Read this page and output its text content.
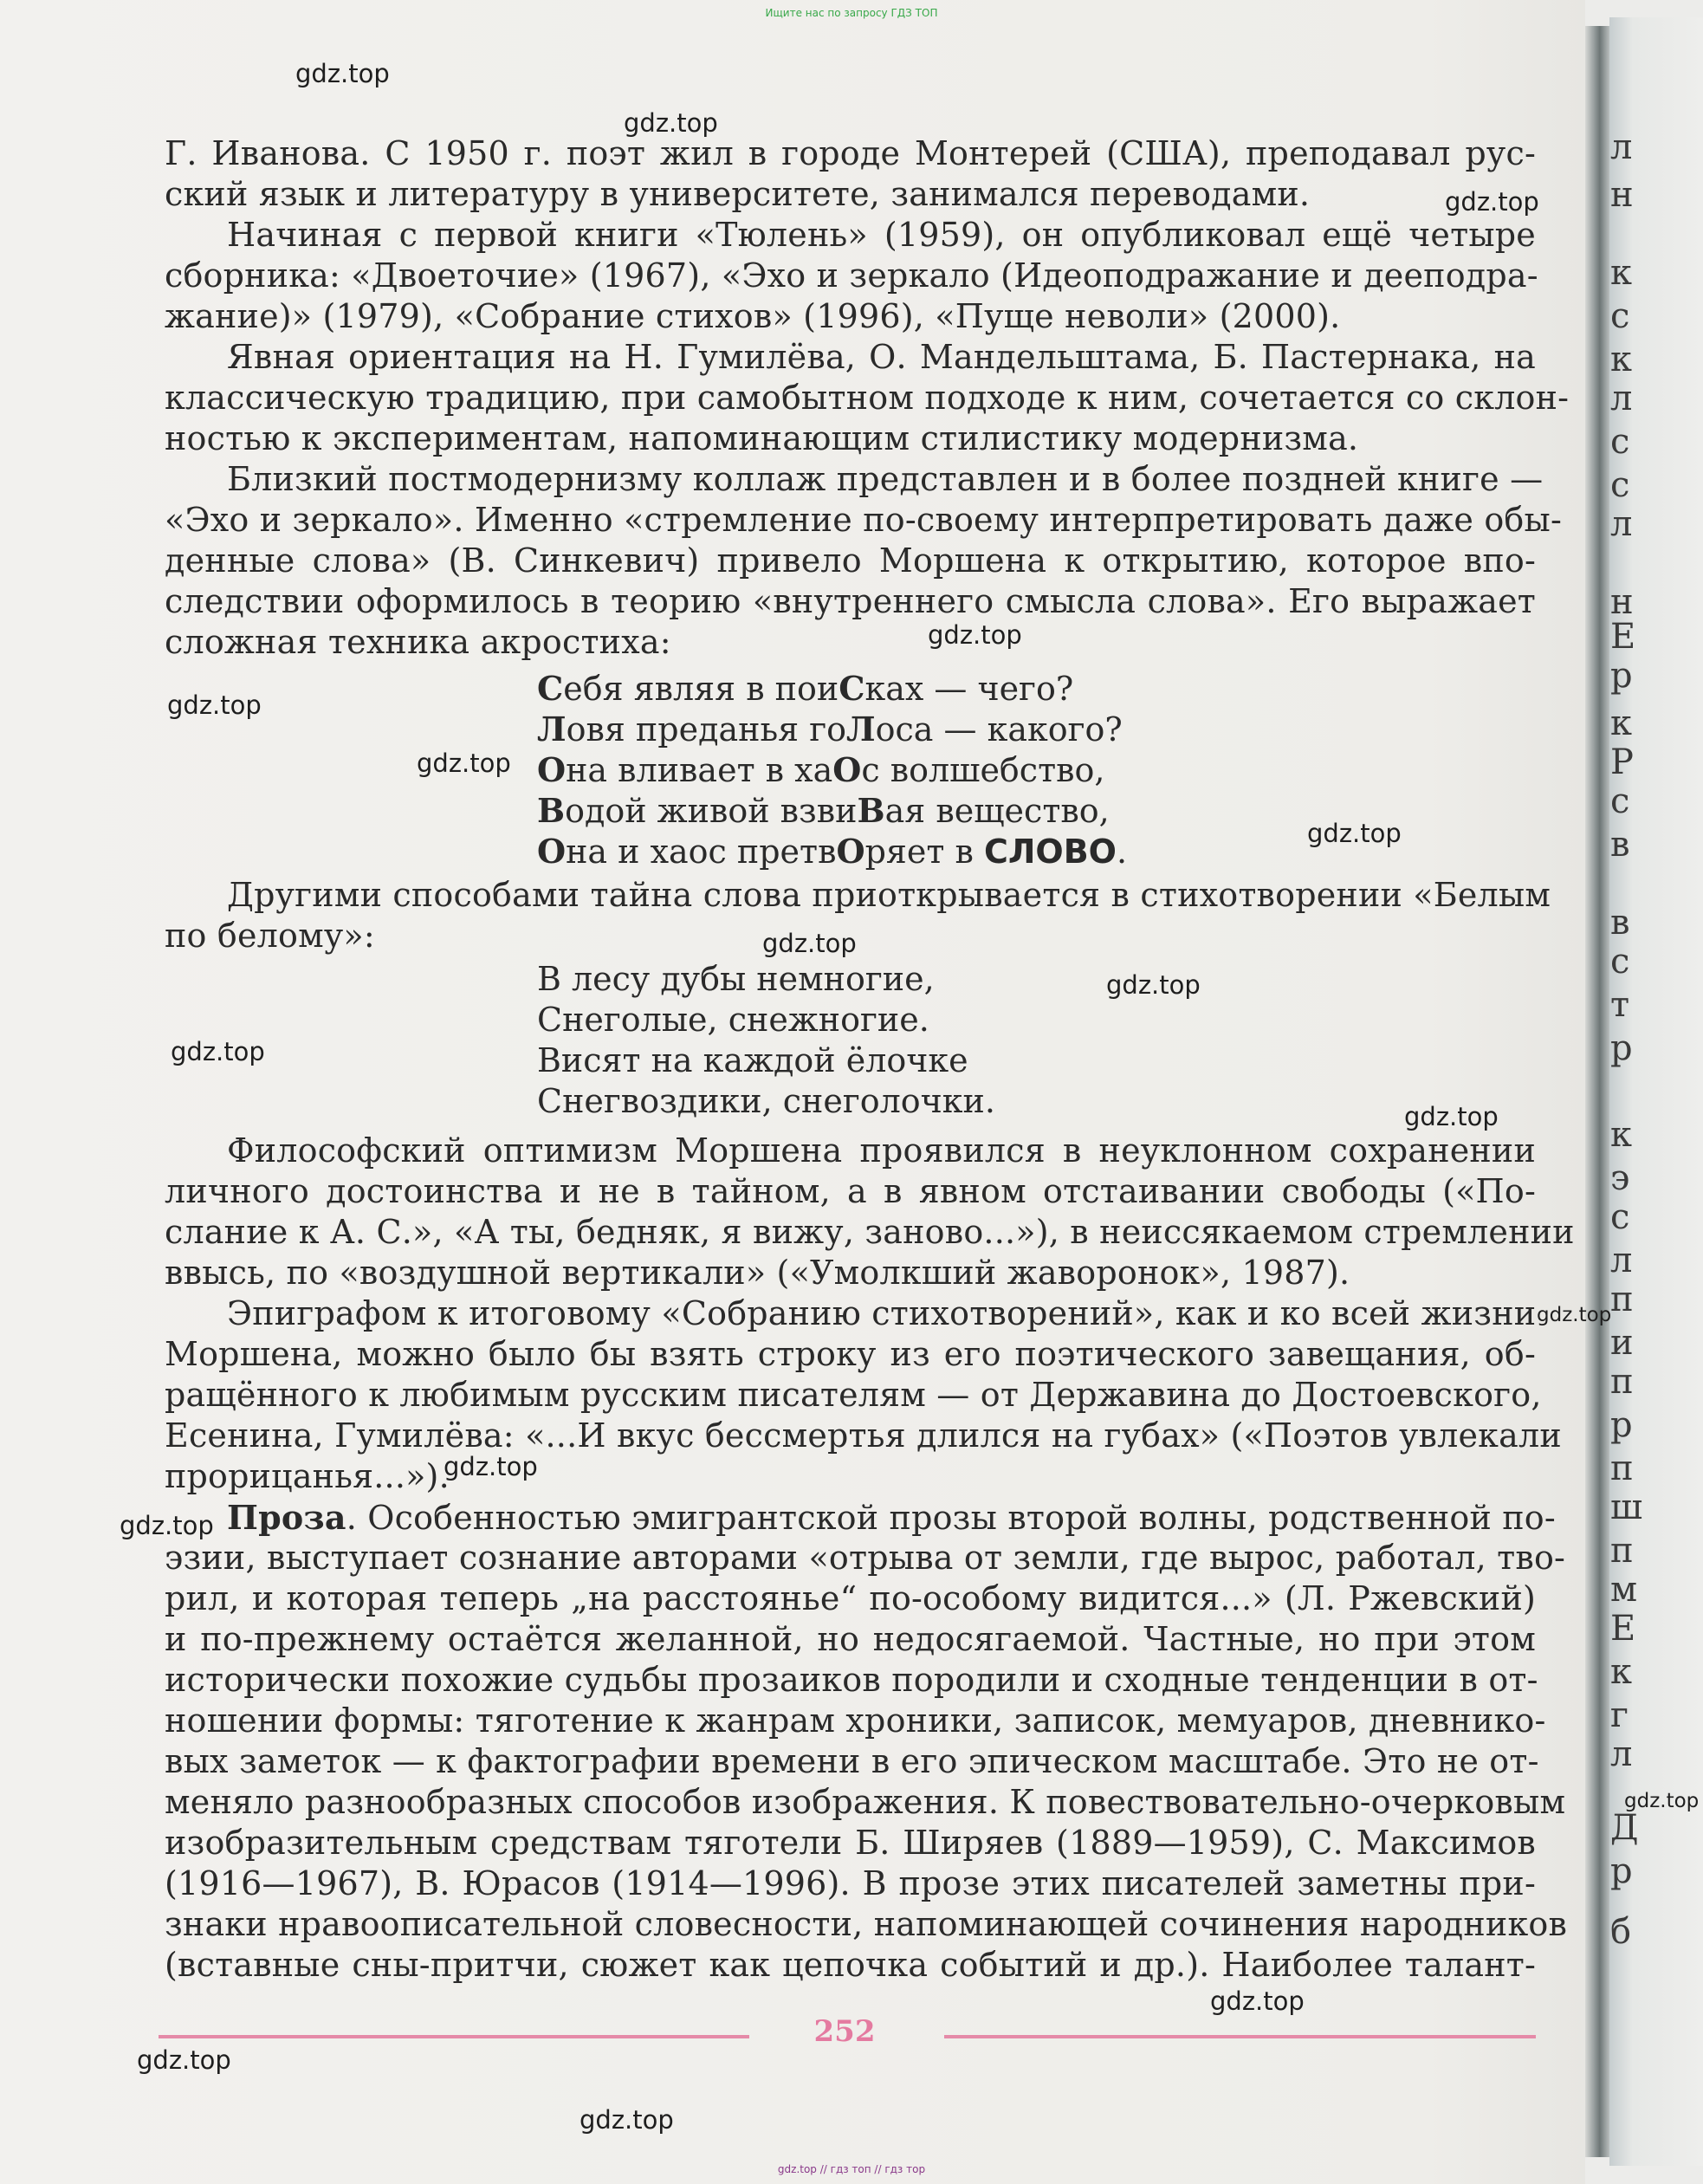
л
н
к
с
к
л
с
с
л
н
Е
р
к
Р
с
в
в
с
т
р
к
э
с
л
п
и
п
р
п
ш
п
м
Е
к
г
л
Д
р
б
Ищите нас по запросу ГДЗ ТОП
gdz.top // гдз топ // гдз тор
Г. Иванова. С 1950 г. поэт жил в городе Монтерей (США), преподавал рус-
ский язык и литературу в университете, занимался переводами.
Начиная с первой книги «Тюлень» (1959), он опубликовал ещё четыре
сборника: «Двоеточие» (1967), «Эхо и зеркало (Идеоподражание и дееподра-
жание)» (1979), «Собрание стихов» (1996), «Пуще неволи» (2000).
Явная ориентация на Н. Гумилёва, О. Мандельштама, Б. Пастернака, на
классическую традицию, при самобытном подходе к ним, сочетается со склон-
ностью к экспериментам, напоминающим стилистику модернизма.
Близкий постмодернизму коллаж представлен и в более поздней книге —
«Эхо и зеркало». Именно «стремление по-своему интерпретировать даже обы-
денные слова» (В. Синкевич) привело Моршена к открытию, которое впо-
следствии оформилось в теорию «внутреннего смысла слова». Его выражает
сложная техника акростиха:
Себя являя в поиСках — чего?
Ловя преданья гоЛоса — какого?
Она вливает в хаОс волшебство,
Водой живой взвиВая вещество,
Она и хаос претвОряет в СЛОВО.
Другими способами тайна слова приоткрывается в стихотворении «Белым
по белому»:
В лесу дубы немногие,
Снеголые, снежногие.
Висят на каждой ёлочке
Снегвоздики, снеголочки.
Философский оптимизм Моршена проявился в неуклонном сохранении
личного достоинства и не в тайном, а в явном отстаивании свободы («По-
слание к А. С.», «А ты, бедняк, я вижу, заново...»), в неиссякаемом стремлении
ввысь, по «воздушной вертикали» («Умолкший жаворонок», 1987).
Эпиграфом к итоговому «Собранию стихотворений», как и ко всей жизни
Моршена, можно было бы взять строку из его поэтического завещания, об-
ращённого к любимым русским писателям — от Державина до Достоевского,
Есенина, Гумилёва: «...И вкус бессмертья длился на губах» («Поэтов увлекали
прорицанья...»).
Проза. Особенностью эмигрантской прозы второй волны, родственной по-
эзии, выступает сознание авторами «отрыва от земли, где вырос, работал, тво-
рил, и которая теперь „на расстоянье“ по-особому видится...» (Л. Ржевский)
и по-прежнему остаётся желанной, но недосягаемой. Частные, но при этом
исторически похожие судьбы прозаиков породили и сходные тенденции в от-
ношении формы: тяготение к жанрам хроники, записок, мемуаров, дневнико-
вых заметок — к фактографии времени в его эпическом масштабе. Это не от-
меняло разнообразных способов изображения. К повествовательно-очерковым
изобразительным средствам тяготели Б. Ширяев (1889—1959), С. Максимов
(1916—1967), В. Юрасов (1914—1996). В прозе этих писателей заметны при-
знаки нравоописательной словесности, напоминающей сочинения народников
(вставные сны-притчи, сюжет как цепочка событий и др.). Наиболее талант-
252
gdz.top
gdz.top
gdz.top
gdz.top
gdz.top
gdz.top
gdz.top
gdz.top
gdz.top
gdz.top
gdz.top
gdz.top
gdz.top
gdz.top
gdz.top
gdz.top
gdz.top
gdz.top
